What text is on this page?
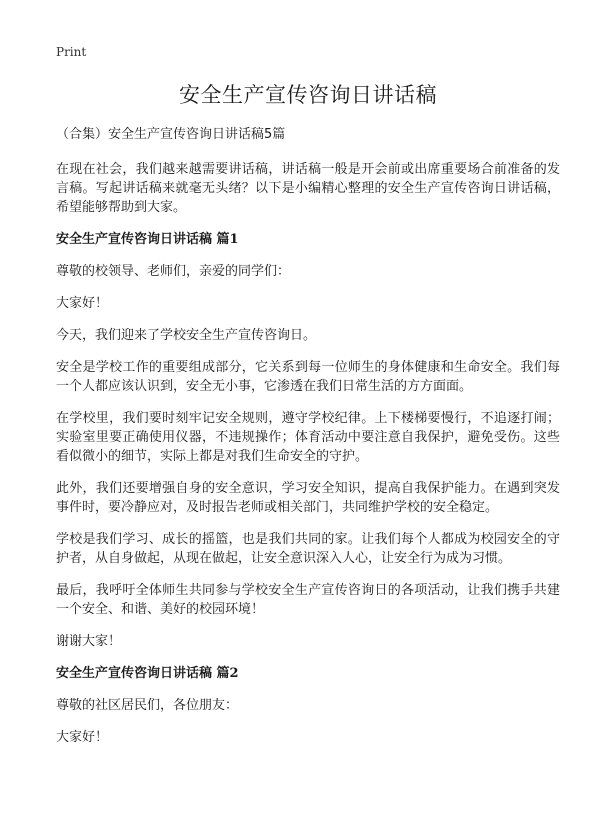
Print
安全生产宣传咨询日讲话稿
（合集）安全生产宣传咨询日讲话稿5篇

在现在社会，我们越来越需要讲话稿，讲话稿一般是开会前或出席重要场合前准备的发言稿。写起讲话稿来就毫无头绪？以下是小编精心整理的安全生产宣传咨询日讲话稿，希望能够帮助到大家。

安全生产宣传咨询日讲话稿 篇1

尊敬的校领导、老师们，亲爱的同学们：

大家好！

今天，我们迎来了学校安全生产宣传咨询日。

安全是学校工作的重要组成部分，它关系到每一位师生的身体健康和生命安全。我们每一个人都应该认识到，安全无小事，它渗透在我们日常生活的方方面面。

在学校里，我们要时刻牢记安全规则，遵守学校纪律。上下楼梯要慢行，不追逐打闹；实验室里要正确使用仪器，不违规操作；体育活动中要注意自我保护，避免受伤。这些看似微小的细节，实际上都是对我们生命安全的守护。

此外，我们还要增强自身的安全意识，学习安全知识，提高自我保护能力。在遇到突发事件时，要冷静应对，及时报告老师或相关部门，共同维护学校的安全稳定。

学校是我们学习、成长的摇篮，也是我们共同的家。让我们每个人都成为校园安全的守护者，从自身做起，从现在做起，让安全意识深入人心，让安全行为成为习惯。

最后，我呼吁全体师生共同参与学校安全生产宣传咨询日的各项活动，让我们携手共建一个安全、和谐、美好的校园环境！

谢谢大家！

安全生产宣传咨询日讲话稿 篇2

尊敬的社区居民们，各位朋友：

大家好！
